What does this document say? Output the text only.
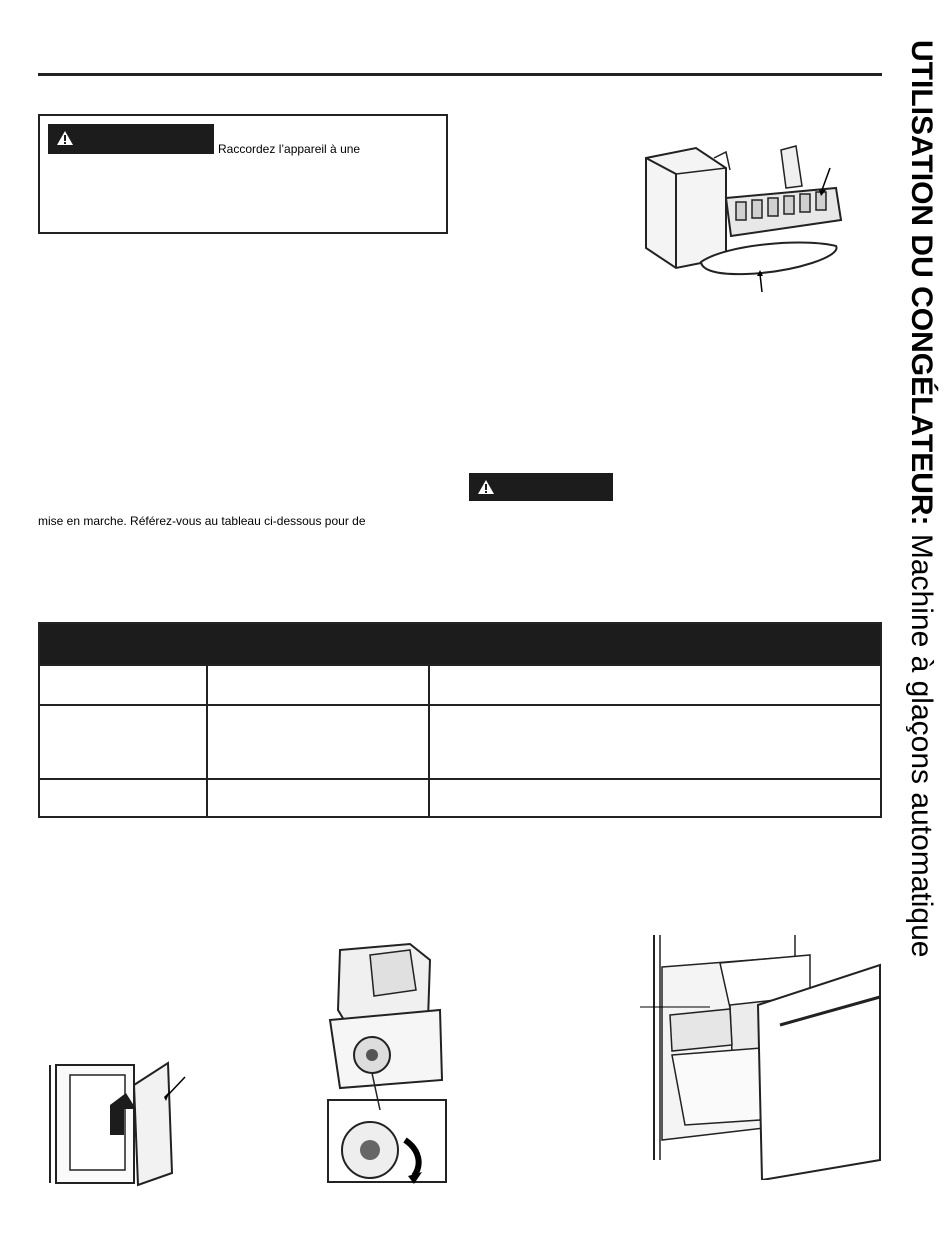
Raccordez l’appareil à une
mise en marche. Référez-vous au tableau ci-dessous pour de	UTILISATION DU CONGÉLATEUR: Machine à glaçons automatique
